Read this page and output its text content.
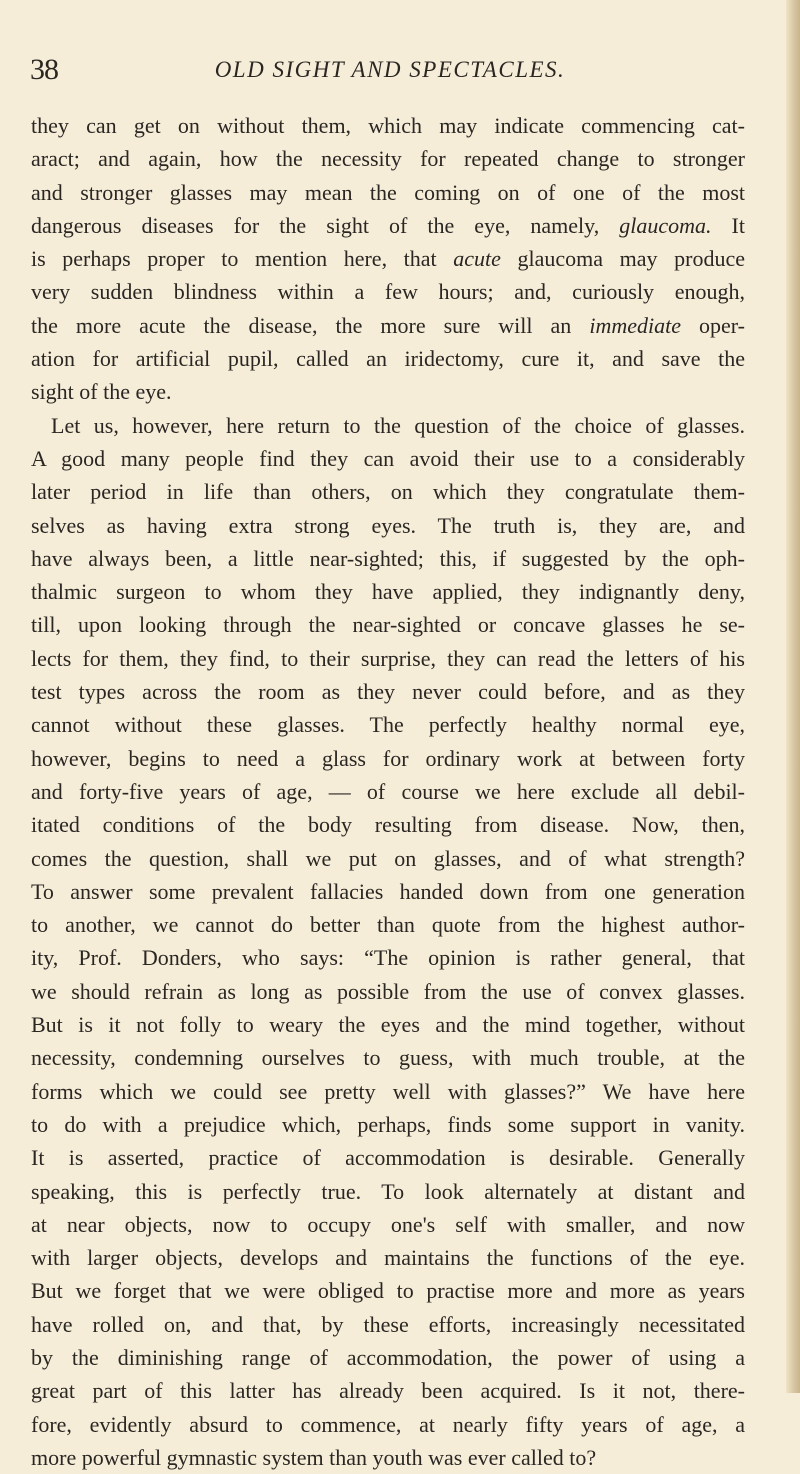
38	OLD SIGHT AND SPECTACLES.
they can get on without them, which may indicate commencing cat-
aract; and again, how the necessity for repeated change to stronger
and stronger glasses may mean the coming on of one of the most
dangerous diseases for the sight of the eye, namely, glaucoma. It
is perhaps proper to mention here, that acute glaucoma may produce
very sudden blindness within a few hours; and, curiously enough,
the more acute the disease, the more sure will an immediate oper-
ation for artificial pupil, called an iridectomy, cure it, and save the
sight of the eye.
Let us, however, here return to the question of the choice of glasses.
A good many people find they can avoid their use to a considerably
later period in life than others, on which they congratulate them-
selves as having extra strong eyes. The truth is, they are, and
have always been, a little near-sighted; this, if suggested by the oph-
thalmic surgeon to whom they have applied, they indignantly deny,
till, upon looking through the near-sighted or concave glasses he se-
lects for them, they find, to their surprise, they can read the letters of his
test types across the room as they never could before, and as they
cannot without these glasses. The perfectly healthy normal eye,
however, begins to need a glass for ordinary work at between forty
and forty-five years of age, — of course we here exclude all debil-
itated conditions of the body resulting from disease. Now, then,
comes the question, shall we put on glasses, and of what strength?
To answer some prevalent fallacies handed down from one generation
to another, we cannot do better than quote from the highest author-
ity, Prof. Donders, who says: “The opinion is rather general, that
we should refrain as long as possible from the use of convex glasses.
But is it not folly to weary the eyes and the mind together, without
necessity, condemning ourselves to guess, with much trouble, at the
forms which we could see pretty well with glasses?” We have here
to do with a prejudice which, perhaps, finds some support in vanity.
It is asserted, practice of accommodation is desirable. Generally
speaking, this is perfectly true. To look alternately at distant and
at near objects, now to occupy one's self with smaller, and now
with larger objects, develops and maintains the functions of the eye.
But we forget that we were obliged to practise more and more as years
have rolled on, and that, by these efforts, increasingly necessitated
by the diminishing range of accommodation, the power of using a
great part of this latter has already been acquired. Is it not, there-
fore, evidently absurd to commence, at nearly fifty years of age, a
more powerful gymnastic system than youth was ever called to?
